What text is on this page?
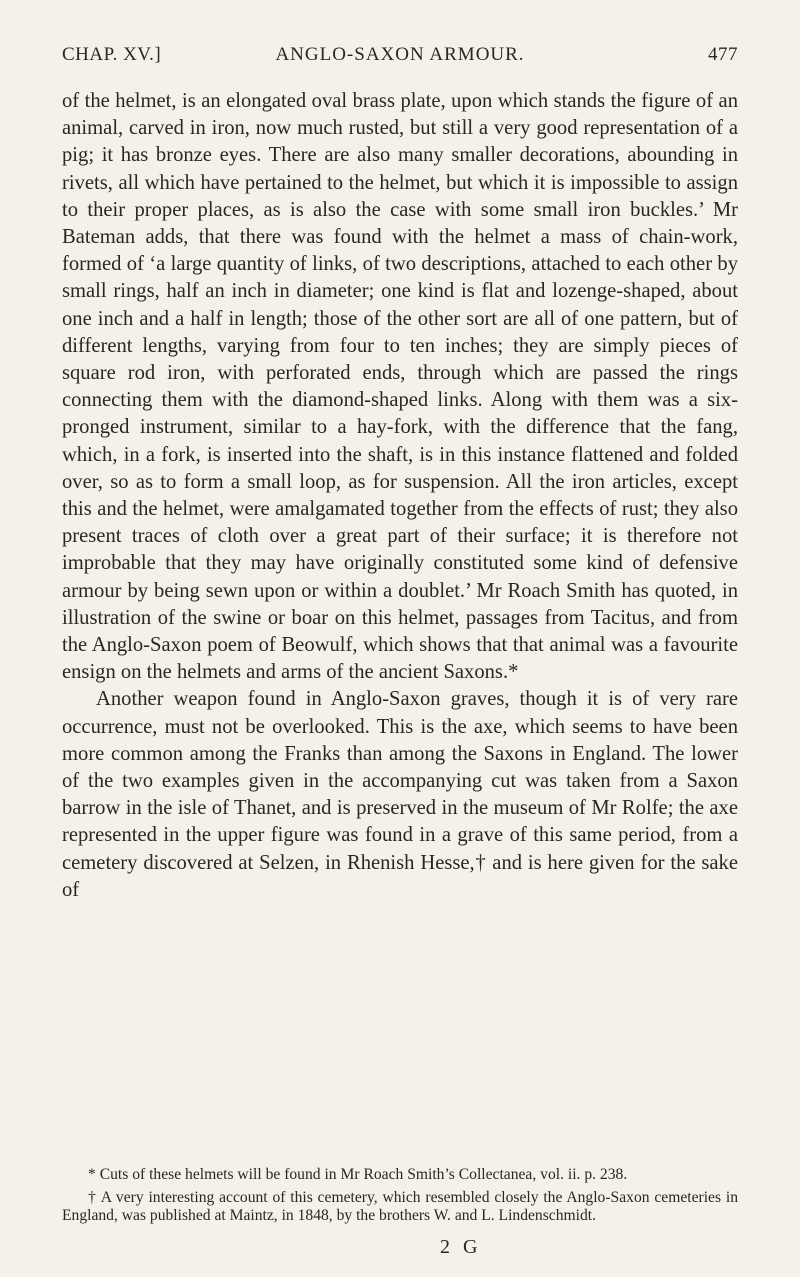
CHAP. XV.]	ANGLO-SAXON ARMOUR.	477

of the helmet, is an elongated oval brass plate, upon which stands the figure of an animal, carved in iron, now much rusted, but still a very good representation of a pig; it has bronze eyes. There are also many smaller decorations, abounding in rivets, all which have pertained to the helmet, but which it is impossible to assign to their proper places, as is also the case with some small iron buckles.’ Mr Bateman adds, that there was found with the helmet a mass of chain-work, formed of ‘a large quantity of links, of two descriptions, attached to each other by small rings, half an inch in diameter; one kind is flat and lozenge-shaped, about one inch and a half in length; those of the other sort are all of one pattern, but of different lengths, varying from four to ten inches; they are simply pieces of square rod iron, with perforated ends, through which are passed the rings connecting them with the diamond-shaped links. Along with them was a six-pronged instrument, similar to a hay-fork, with the difference that the fang, which, in a fork, is inserted into the shaft, is in this instance flattened and folded over, so as to form a small loop, as for suspension. All the iron articles, except this and the helmet, were amalgamated together from the effects of rust; they also present traces of cloth over a great part of their surface; it is therefore not improbable that they may have originally constituted some kind of defensive armour by being sewn upon or within a doublet.’ Mr Roach Smith has quoted, in illustration of the swine or boar on this helmet, passages from Tacitus, and from the Anglo-Saxon poem of Beowulf, which shows that that animal was a favourite ensign on the helmets and arms of the ancient Saxons.*

Another weapon found in Anglo-Saxon graves, though it is of very rare occurrence, must not be overlooked. This is the axe, which seems to have been more common among the Franks than among the Saxons in England. The lower of the two examples given in the accompanying cut was taken from a Saxon barrow in the isle of Thanet, and is preserved in the museum of Mr Rolfe; the axe represented in the upper figure was found in a grave of this same period, from a cemetery discovered at Selzen, in Rhenish Hesse,† and is here given for the sake of

* Cuts of these helmets will be found in Mr Roach Smith’s Collectanea, vol. ii. p. 238.

† A very interesting account of this cemetery, which resembled closely the Anglo-Saxon cemeteries in England, was published at Maintz, in 1848, by the brothers W. and L. Lindenschmidt.

2 G
